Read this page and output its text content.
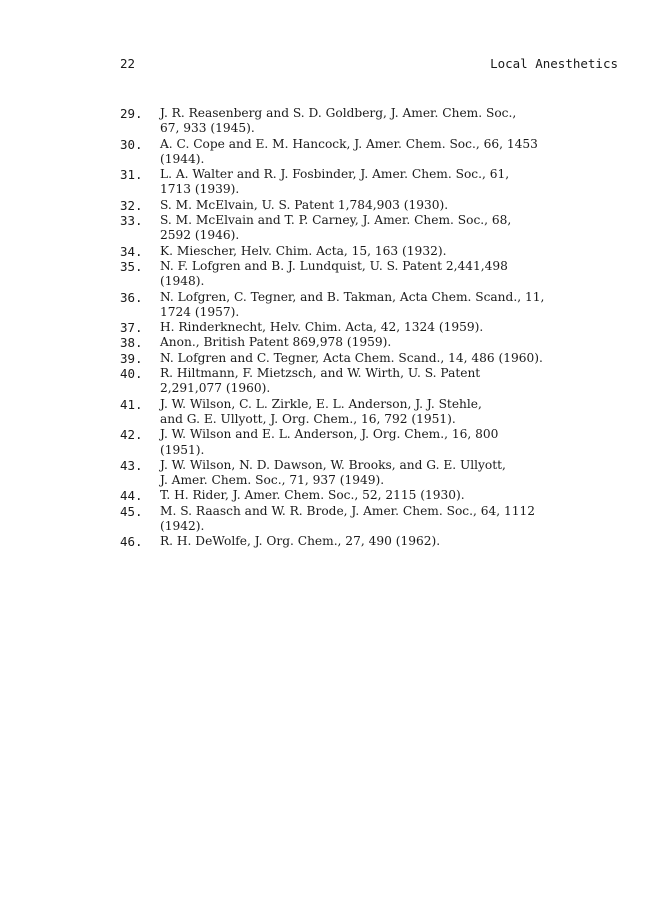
22	Local Anesthetics
29.	J. R. Reasenberg and S. D. Goldberg, J. Amer. Chem. Soc.,
67, 933 (1945).
30.	A. C. Cope and E. M. Hancock, J. Amer. Chem. Soc., 66, 1453
(1944).
31.	L. A. Walter and R. J. Fosbinder, J. Amer. Chem. Soc., 61,
1713 (1939).
32.	S. M. McElvain, U. S. Patent 1,784,903 (1930).
33.	S. M. McElvain and T. P. Carney, J. Amer. Chem. Soc., 68,
2592 (1946).
34.	K. Miescher, Helv. Chim. Acta, 15, 163 (1932).
35.	N. F. Lofgren and B. J. Lundquist, U. S. Patent 2,441,498
(1948).
36.	N. Lofgren, C. Tegner, and B. Takman, Acta Chem. Scand., 11,
1724 (1957).
37.	H. Rinderknecht, Helv. Chim. Acta, 42, 1324 (1959).
38.	Anon., British Patent 869,978 (1959).
39.	N. Lofgren and C. Tegner, Acta Chem. Scand., 14, 486 (1960).
40.	R. Hiltmann, F. Mietzsch, and W. Wirth, U. S. Patent
2,291,077 (1960).
41.	J. W. Wilson, C. L. Zirkle, E. L. Anderson, J. J. Stehle,
and G. E. Ullyott, J. Org. Chem., 16, 792 (1951).
42.	J. W. Wilson and E. L. Anderson, J. Org. Chem., 16, 800
(1951).
43.	J. W. Wilson, N. D. Dawson, W. Brooks, and G. E. Ullyott,
J. Amer. Chem. Soc., 71, 937 (1949).
44.	T. H. Rider, J. Amer. Chem. Soc., 52, 2115 (1930).
45.	M. S. Raasch and W. R. Brode, J. Amer. Chem. Soc., 64, 1112
(1942).
46.	R. H. DeWolfe, J. Org. Chem., 27, 490 (1962).
